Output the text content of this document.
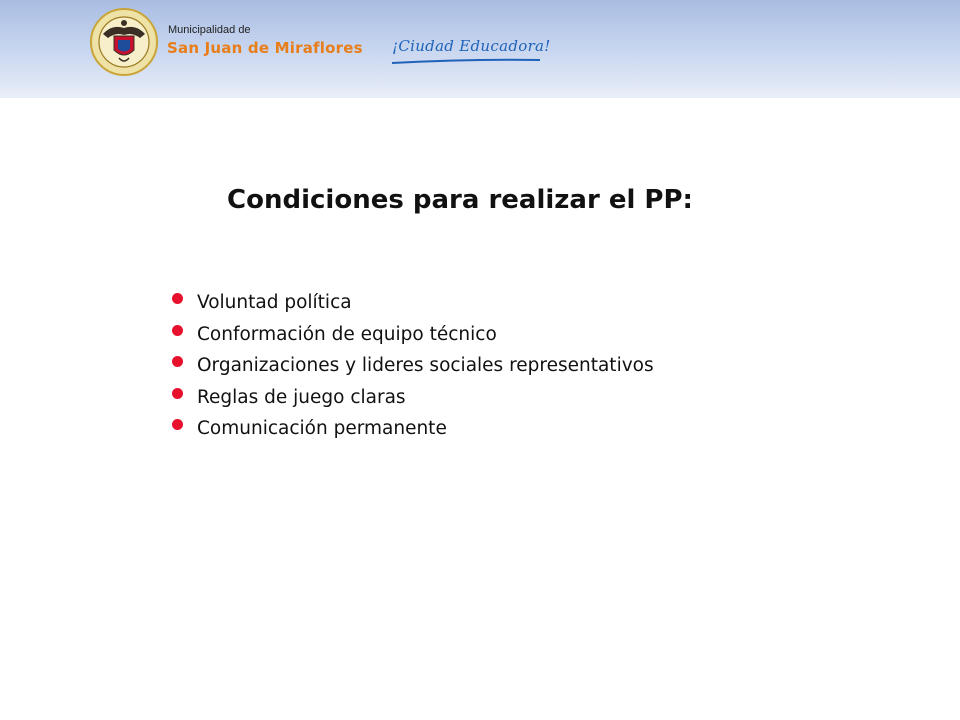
Municipalidad de
San Juan de Miraflores ¡Ciudad Educadora!
Condiciones para realizar el PP:
Voluntad política
Conformación de equipo técnico
Organizaciones y lideres sociales representativos
Reglas de juego claras
Comunicación permanente
